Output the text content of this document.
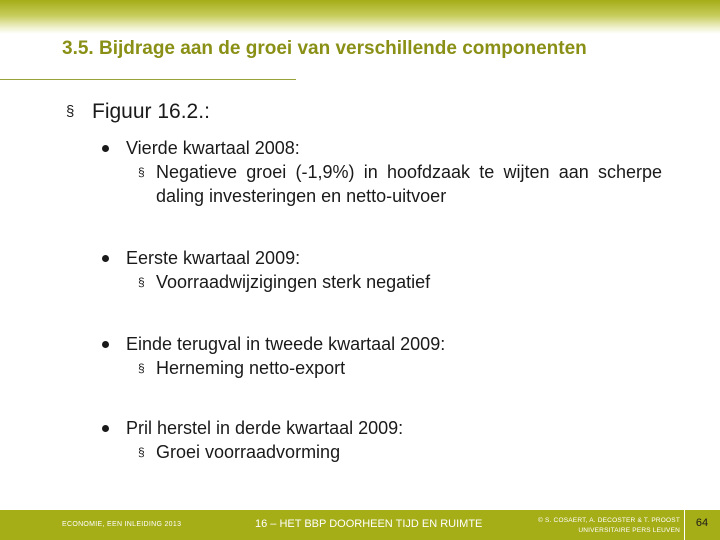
3.5. Bijdrage aan de groei van verschillende componenten
§ Figuur 16.2.:
Vierde kwartaal 2008:
§ Negatieve groei (-1,9%) in hoofdzaak te wijten aan scherpe daling investeringen en netto-uitvoer
Eerste kwartaal 2009:
§ Voorraadwijzigingen sterk negatief
Einde terugval in tweede kwartaal 2009:
§ Herneming netto-export
Pril herstel in derde kwartaal 2009:
§ Groei voorraadvorming
ECONOMIE, EEN INLEIDING 2013	16 – HET BBP DOORHEEN TIJD EN RUIMTE	© S. COSAERT, A. DECOSTER & T. PROOST
UNIVERSITAIRE PERS LEUVEN
64
